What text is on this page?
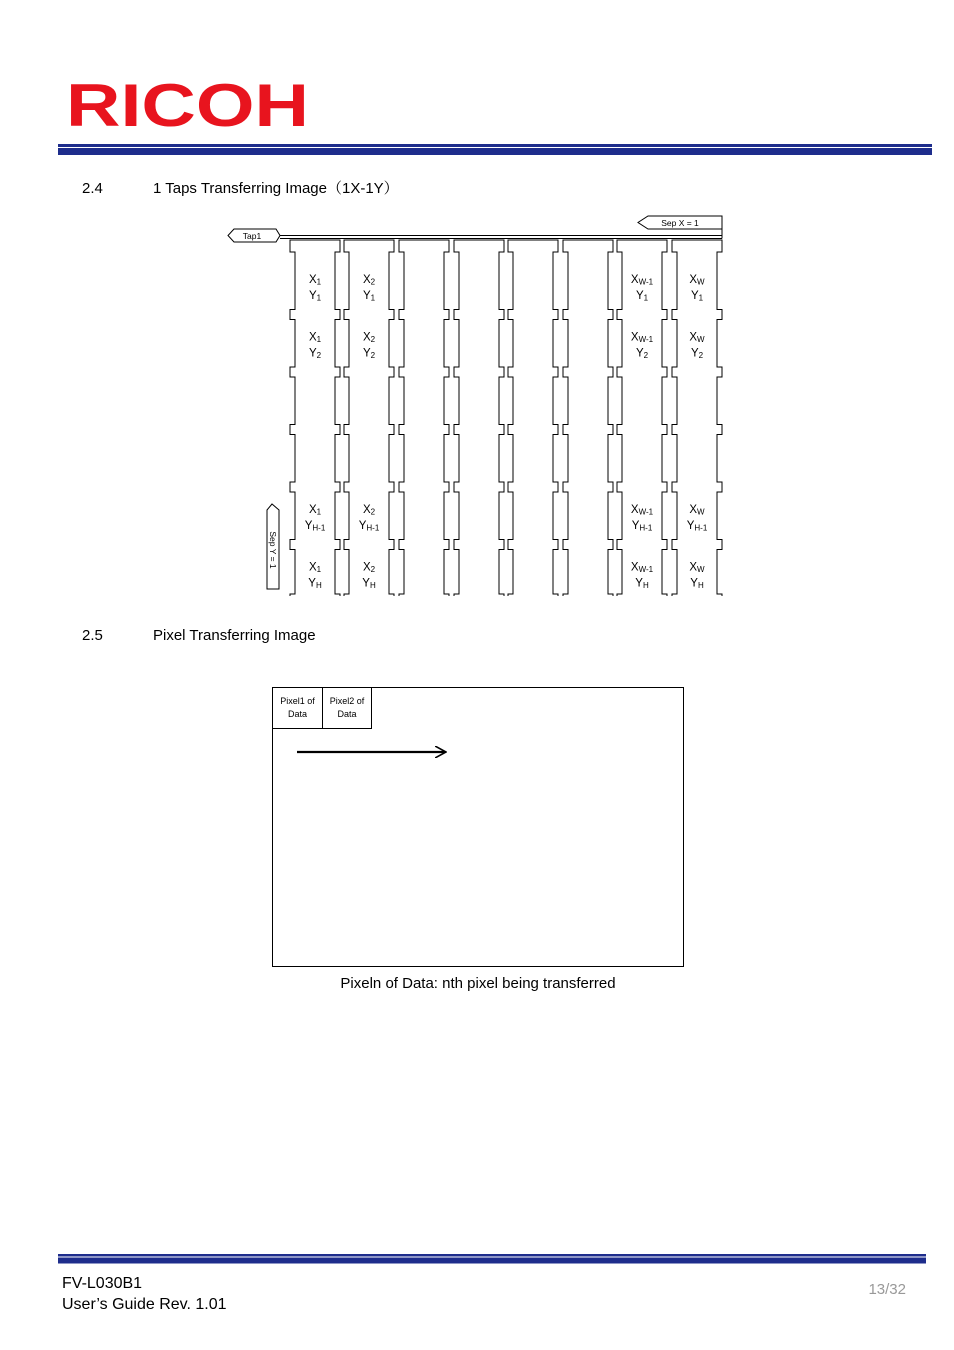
RICOH
2.4	1 Taps Transferring Image（1X-1Y）
Sep X = 1
Tap1
Sep Y = 1
X1
Y1
X2
Y1
XW-1
Y1
XW
Y1
X1
Y2
X2
Y2
XW-1
Y2
XW
Y2
X1
YH-1
X2
YH-1
XW-1
YH-1
XW
YH-1
X1
YH
X2
YH
XW-1
YH
XW
YH
2.5	Pixel Transferring Image
Pixel1 of
Data
Pixel2 of
Data
Pixeln of Data: nth pixel being transferred
FV-L030B1
User’s Guide Rev. 1.01
13/32
